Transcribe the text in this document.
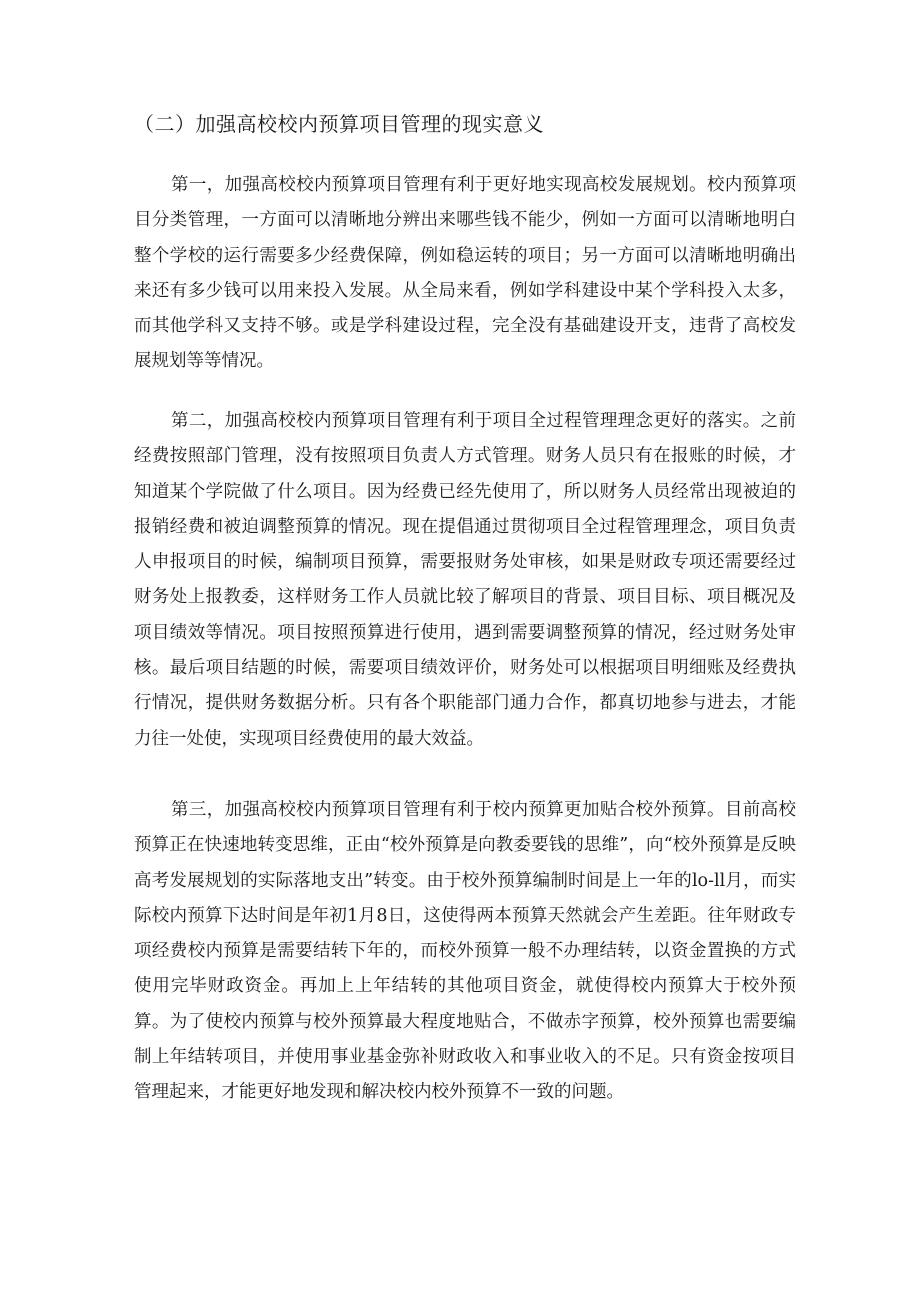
（二）加强高校校内预算项目管理的现实意义

第一，加强高校校内预算项目管理有利于更好地实现高校发展规划。校内预算项目分类管理，一方面可以清晰地分辨出来哪些钱不能少，例如一方面可以清晰地明白整个学校的运行需要多少经费保障，例如稳运转的项目；另一方面可以清晰地明确出来还有多少钱可以用来投入发展。从全局来看，例如学科建设中某个学科投入太多，而其他学科又支持不够。或是学科建设过程，完全没有基础建设开支，违背了高校发展规划等等情况。

第二，加强高校校内预算项目管理有利于项目全过程管理理念更好的落实。之前经费按照部门管理，没有按照项目负责人方式管理。财务人员只有在报账的时候，才知道某个学院做了什么项目。因为经费已经先使用了，所以财务人员经常出现被迫的报销经费和被迫调整预算的情况。现在提倡通过贯彻项目全过程管理理念，项目负责人申报项目的时候，编制项目预算，需要报财务处审核，如果是财政专项还需要经过财务处上报教委，这样财务工作人员就比较了解项目的背景、项目目标、项目概况及项目绩效等情况。项目按照预算进行使用，遇到需要调整预算的情况，经过财务处审核。最后项目结题的时候，需要项目绩效评价，财务处可以根据项目明细账及经费执行情况，提供财务数据分析。只有各个职能部门通力合作，都真切地参与进去，才能力往一处使，实现项目经费使用的最大效益。

第三，加强高校校内预算项目管理有利于校内预算更加贴合校外预算。目前高校预算正在快速地转变思维，正由“校外预算是向教委要钱的思维”，向“校外预算是反映高考发展规划的实际落地支出”转变。由于校外预算编制时间是上一年的lo-ll月，而实际校内预算下达时间是年初1月8日，这使得两本预算天然就会产生差距。往年财政专项经费校内预算是需要结转下年的，而校外预算一般不办理结转，以资金置换的方式使用完毕财政资金。再加上上年结转的其他项目资金，就使得校内预算大于校外预算。为了使校内预算与校外预算最大程度地贴合，不做赤字预算，校外预算也需要编制上年结转项目，并使用事业基金弥补财政收入和事业收入的不足。只有资金按项目管理起来，才能更好地发现和解决校内校外预算不一致的问题。
